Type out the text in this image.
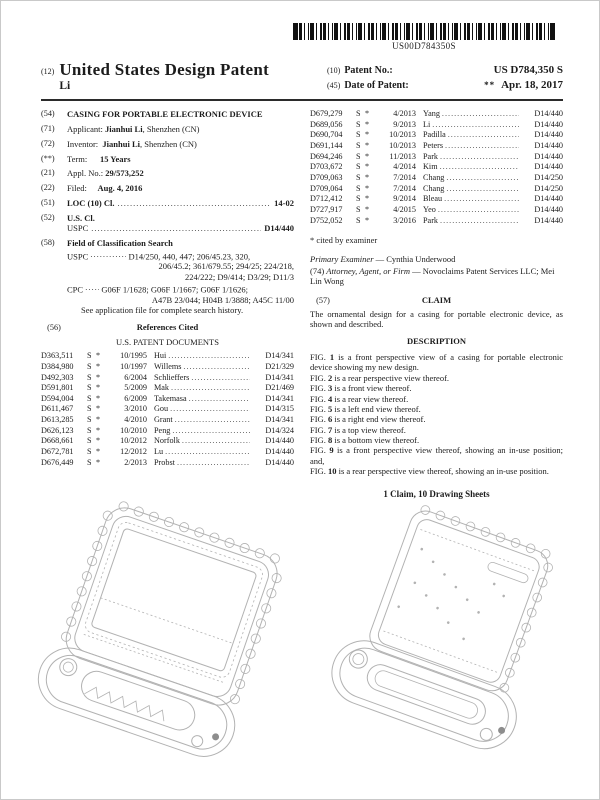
US00D784350S
(12) United States Design Patent
Li
(10) Patent No.:	US D784,350 S
(45) Date of Patent:	** Apr. 18, 2017
(54)	CASING FOR PORTABLE ELECTRONIC DEVICE
(71)	Applicant: Jianhui Li, Shenzhen (CN)
(72)	Inventor: Jianhui Li, Shenzhen (CN)
(**)	Term: 15 Years
(21)	Appl. No.: 29/573,252
(22)	Filed: Aug. 4, 2016
(51)	LOC (10) Cl. .....	14-02
(52)	U.S. Cl.
USPC .....	D14/440
(58)	Field of Classification Search
USPC .....	D14/250, 440, 447; 206/45.23, 320,
206/45.2; 361/679.55; 294/25; 224/218,
224/222; D9/414; D3/29; D11/3
CPC ..... G06F 1/1628; G06F 1/1667; G06F 1/1626;
A47B 23/044; H04B 1/3888; A45C 11/00
See application file for complete search history.
(56)	References Cited
U.S. PATENT DOCUMENTS
D363,511	S *	10/1995 Hui .....	D14/341
D384,980	S *	10/1997 Willems .....	D21/329
D492,303	S *	6/2004 Schlieffers .....	D14/341
D591,801	S *	5/2009 Mak .....	D21/469
D594,004	S *	6/2009 Takemasa .....	D14/341
D611,467	S *	3/2010 Gou .....	D14/315
D613,285	S *	4/2010 Grant .....	D14/341
D626,123	S *	10/2010 Peng .....	D14/324
D668,661	S *	10/2012 Norfolk .....	D14/440
D672,781	S *	12/2012 Lu .....	D14/440
D676,449	S *	2/2013 Probst .....	D14/440
D679,279	S *	4/2013 Yang .....	D14/440
D689,056	S *	9/2013 Li .....	D14/440
D690,704	S *	10/2013 Padilla .....	D14/440
D691,144	S *	10/2013 Peters .....	D14/440
D694,246	S *	11/2013 Park .....	D14/440
D703,672	S *	4/2014 Kim .....	D14/440
D709,063	S *	7/2014 Chang .....	D14/250
D709,064	S *	7/2014 Chang .....	D14/250
D712,412	S *	9/2014 Bleau .....	D14/440
D727,917	S *	4/2015 Yeo .....	D14/440
D752,052	S *	3/2016 Park .....	D14/440
* cited by examiner
Primary Examiner — Cynthia Underwood
(74) Attorney, Agent, or Firm — Novoclaims Patent Services LLC; Mei Lin Wong
(57)	CLAIM
The ornamental design for a casing for portable electronic device, as shown and described.
DESCRIPTION
FIG. 1 is a front perspective view of a casing for portable electronic device showing my new design.
FIG. 2 is a rear perspective view thereof.
FIG. 3 is a front view thereof.
FIG. 4 is a rear view thereof.
FIG. 5 is a left end view thereof.
FIG. 6 is a right end view thereof.
FIG. 7 is a top view thereof.
FIG. 8 is a bottom view thereof.
FIG. 9 is a front perspective view thereof, showing an in-use position; and,
FIG. 10 is a rear perspective view thereof, showing an in-use position.
1 Claim, 10 Drawing Sheets
